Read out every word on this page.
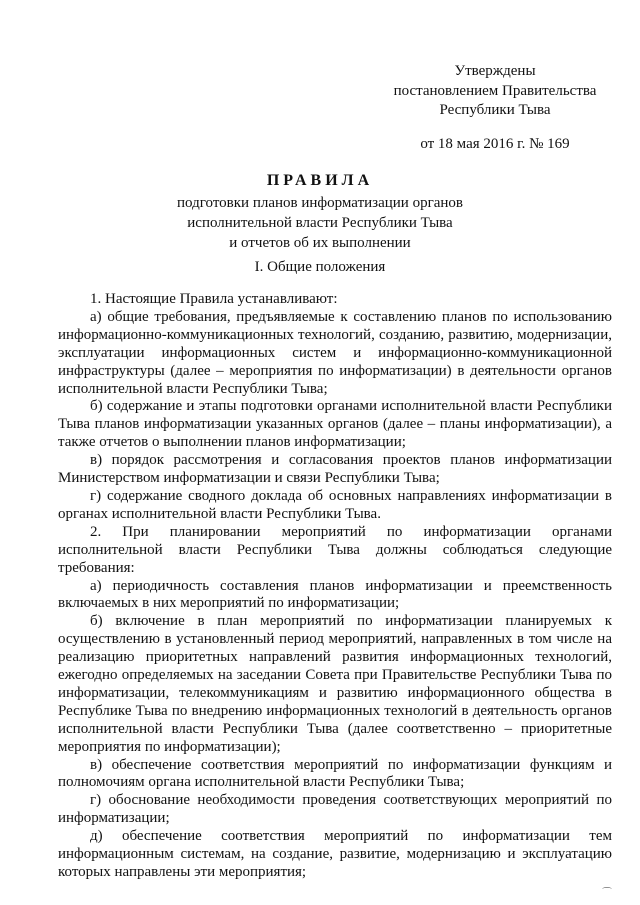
Утверждены
постановлением Правительства
Республики Тыва
от 18 мая 2016 г. № 169
ПРАВИЛА
подготовки планов информатизации органов
исполнительной власти Республики Тыва
и отчетов об их выполнении
I. Общие положения

1. Настоящие Правила устанавливают:

а) общие требования, предъявляемые к составлению планов по использованию информационно-коммуникационных технологий, созданию, развитию, модернизации, эксплуатации информационных систем и информационно-коммуникационной инфраструктуры (далее – мероприятия по информатизации) в деятельности органов исполнительной власти Республики Тыва;

б) содержание и этапы подготовки органами исполнительной власти Республики Тыва планов информатизации указанных органов (далее – планы информатизации), а также отчетов о выполнении планов информатизации;

в) порядок рассмотрения и согласования проектов планов информатизации Министерством информатизации и связи Республики Тыва;

г) содержание сводного доклада об основных направлениях информатизации в органах исполнительной власти Республики Тыва.

2. При планировании мероприятий по информатизации органами исполнительной власти Республики Тыва должны соблюдаться следующие требования:

а) периодичность составления планов информатизации и преемственность включаемых в них мероприятий по информатизации;

б) включение в план мероприятий по информатизации планируемых к осуществлению в установленный период мероприятий, направленных в том числе на реализацию приоритетных направлений развития информационных технологий, ежегодно определяемых на заседании Совета при Правительстве Республики Тыва по информатизации, телекоммуникациям и развитию информационного общества в Республике Тыва по внедрению информационных технологий в деятельность органов исполнительной власти Республики Тыва (далее соответственно – приоритетные мероприятия по информатизации);

в) обеспечение соответствия мероприятий по информатизации функциям и полномочиям органа исполнительной власти Республики Тыва;

г) обоснование необходимости проведения соответствующих мероприятий по информатизации;

д) обеспечение соответствия мероприятий по информатизации тем информационным системам, на создание, развитие, модернизацию и эксплуатацию которых направлены эти мероприятия;

⌒
